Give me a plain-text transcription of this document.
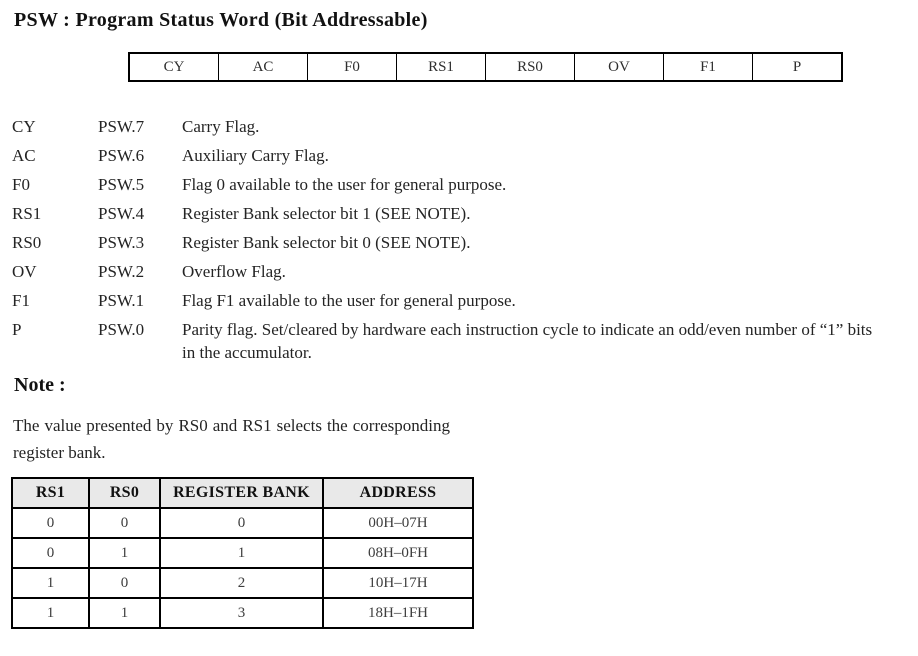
PSW : Program Status Word (Bit Addressable)
CY	AC	F0	RS1	RS0	OV	F1	P
CY	PSW.7	Carry Flag.
AC	PSW.6	Auxiliary Carry Flag.
F0	PSW.5	Flag 0 available to the user for general purpose.
RS1	PSW.4	Register Bank selector bit 1 (SEE NOTE).
RS0	PSW.3	Register Bank selector bit 0 (SEE NOTE).
OV	PSW.2	Overflow Flag.
F1	PSW.1	Flag F1 available to the user for general purpose.
P	PSW.0	Parity flag. Set/cleared by hardware each instruction cycle to indicate an odd/even number of “1” bits in the accumulator.
Note :
The value presented by RS0 and RS1 selects the corresponding register bank.
RS1	RS0	REGISTER BANK	ADDRESS
0	0	0	00H–07H
0	1	1	08H–0FH
1	0	2	10H–17H
1	1	3	18H–1FH
